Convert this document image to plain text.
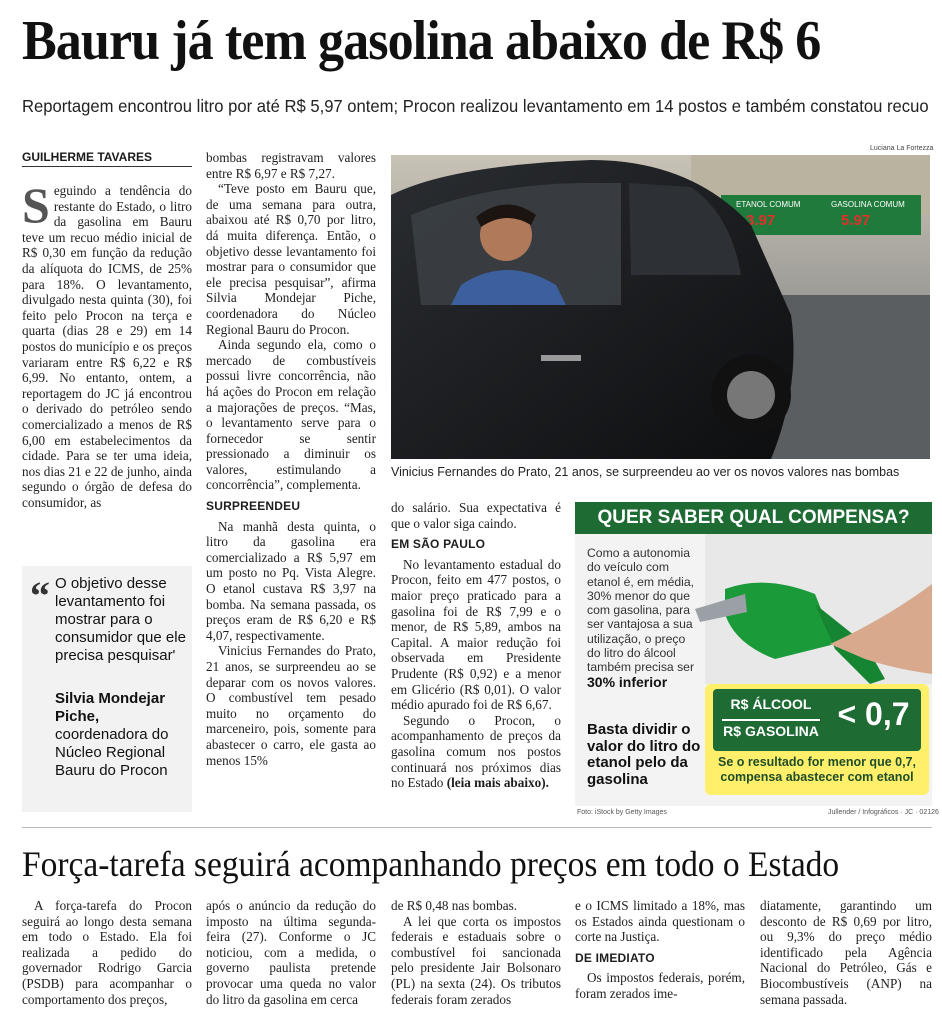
Bauru já tem gasolina abaixo de R$ 6
Reportagem encontrou litro por até R$ 5,97 ontem; Procon realizou levantamento em 14 postos e também constatou recuo
GUILHERME TAVARES
S eguindo a tendência do restante do Estado, o litro da gasolina em Bauru teve um recuo médio inicial de R$ 0,30 em função da redução da alíquota do ICMS, de 25% para 18%. O levantamento, divulgado nesta quinta (30), foi feito pelo Procon na terça e quarta (dias 28 e 29) em 14 postos do município e os preços variaram entre R$ 6,22 e R$ 6,99. No entanto, ontem, a reportagem do JC já encontrou o derivado do petróleo sendo comercializado a menos de R$ 6,00 em estabelecimentos da cidade. Para se ter uma ideia, nos dias 21 e 22 de junho, ainda segundo o órgão de defesa do consumidor, as

“ O objetivo desse levantamento foi mostrar para o consumidor que ele precisa pesquisar'
Silvia Mondejar Piche,
coordenadora do Núcleo Regional Bauru do Procon

bombas registravam valores entre R$ 6,97 e R$ 7,27.

“Teve posto em Bauru que, de uma semana para outra, abaixou até R$ 0,70 por litro, dá muita diferença. Então, o objetivo desse levantamento foi mostrar para o consumidor que ele precisa pesquisar”, afirma Silvia Mondejar Piche, coordenadora do Núcleo Regional Bauru do Procon.

Ainda segundo ela, como o mercado de combustíveis possui livre concorrência, não há ações do Procon em relação a majorações de preços. “Mas, o levantamento serve para o fornecedor se sentir pressionado a diminuir os valores, estimulando a concorrência”, complementa.

SURPREENDEU

Na manhã desta quinta, o litro da gasolina era comercializado a R$ 5,97 em um posto no Pq. Vista Alegre. O etanol custava R$ 3,97 na bomba. Na semana passada, os preços eram de R$ 6,20 e R$ 4,07, respectivamente.

Vinicius Fernandes do Prato, 21 anos, se surpreendeu ao se deparar com os novos valores. O combustível tem pesado muito no orçamento do marceneiro, pois, somente para abastecer o carro, ele gasta ao menos 15%

Luciana La Fortezza
ETANOL COMUM
3.97
GASOLINA COMUM
5.97
Vinicius Fernandes do Prato, 21 anos, se surpreendeu ao ver os novos valores nas bombas

do salário. Sua expectativa é que o valor siga caindo.

EM SÃO PAULO

No levantamento estadual do Procon, feito em 477 postos, o maior preço praticado para a gasolina foi de R$ 7,99 e o menor, de R$ 5,89, ambos na Capital. A maior redução foi observada em Presidente Prudente (R$ 0,92) e a menor em Glicério (R$ 0,01). O valor médio apurado foi de R$ 6,67.

Segundo o Procon, o acompanhamento de preços da gasolina comum nos postos continuará nos próximos dias no Estado (leia mais abaixo).

QUER SABER QUAL COMPENSA?
Como a autonomia do veículo com etanol é, em média, 30% menor do que com gasolina, para ser vantajosa a sua utilização, o preço do litro do álcool também precisa ser
30% inferior
Basta dividir o valor do litro do etanol pelo da gasolina
R$ ÁLCOOL
R$ GASOLINA < 0,7
Se o resultado for menor que 0,7, compensa abastecer com etanol
Foto: iStock by Getty Images	Jullender / Infográficos · JC · 02126
Força-tarefa seguirá acompanhando preços em todo o Estado

A força-tarefa do Procon seguirá ao longo desta semana em todo o Estado. Ela foi realizada a pedido do governador Rodrigo Garcia (PSDB) para acompanhar o comportamento dos preços,

após o anúncio da redução do imposto na última segunda-feira (27). Conforme o JC noticiou, com a medida, o governo paulista pretende provocar uma queda no valor do litro da gasolina em cerca

de R$ 0,48 nas bombas.

A lei que corta os impostos federais e estaduais sobre o combustível foi sancionada pelo presidente Jair Bolsonaro (PL) na sexta (24). Os tributos federais foram zerados

e o ICMS limitado a 18%, mas os Estados ainda questionam o corte na Justiça.

DE IMEDIATO

Os impostos federais, porém, foram zerados ime-

diatamente, garantindo um desconto de R$ 0,69 por litro, ou 9,3% do preço médio identificado pela Agência Nacional do Petróleo, Gás e Biocombustíveis (ANP) na semana passada.
